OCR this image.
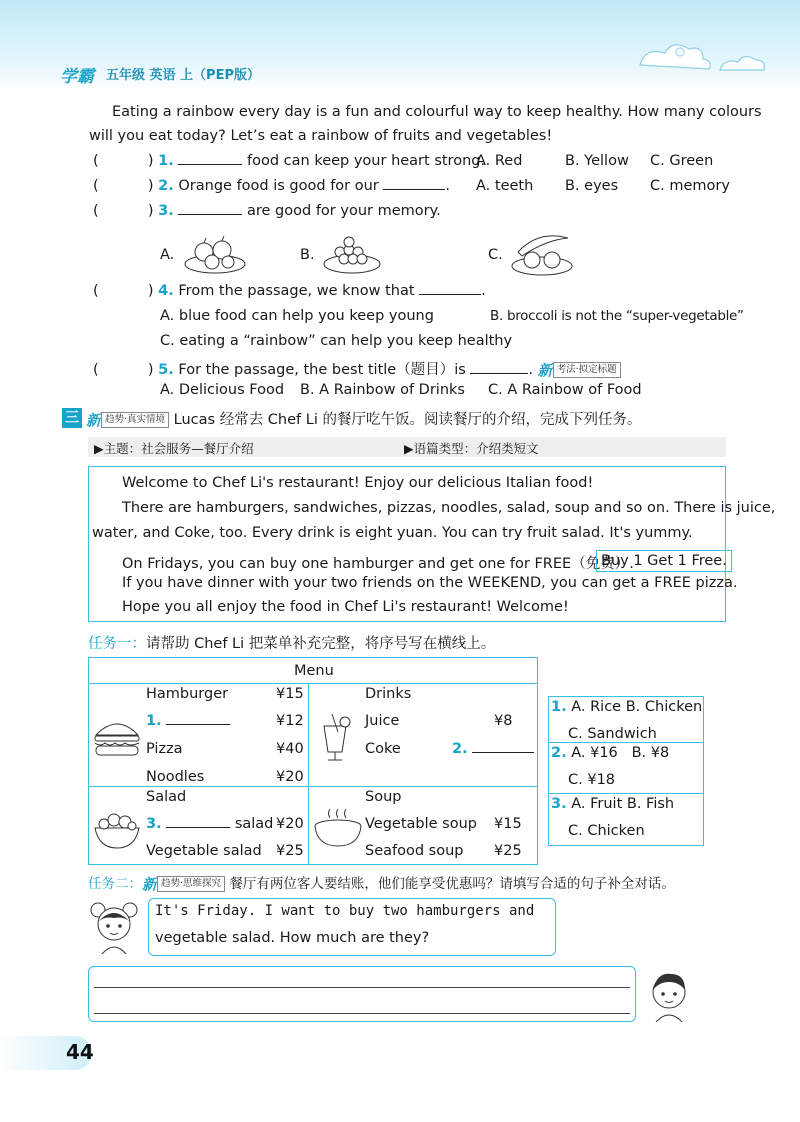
学霸 五年级 英语 上（PEP版）
Eating a rainbow every day is a fun and colourful way to keep healthy. How many colours
will you eat today? Let’s eat a rainbow of fruits and vegetables!
(	) 1.	food can keep your heart strong.
A. Red	B. Yellow C. Green
(	) 2. Orange food is good for our	. A. teeth B. eyes C. memory
(	) 3.	are good for your memory.
A.	B.	C.
(	) 4. From the passage, we know that	.
A. blue food can help you keep young	B. broccoli is not the “super-vegetable”
C. eating a “rainbow” can help you keep healthy
(	) 5. For the passage, the best title（题目）is	. 新 考法·拟定标题
A. Delicious Food B. A Rainbow of Drinks C. A Rainbow of Food
三 新 趋势·真实情境 Lucas 经常去 Chef Li 的餐厅吃午饭。阅读餐厅的介绍，完成下列任务。
▶主题：社会服务—餐厅介绍	▶语篇类型：介绍类短文
Welcome to Chef Li's restaurant! Enjoy our delicious Italian food!
There are hamburgers, sandwiches, pizzas, noodles, salad, soup and so on. There is juice,
water, and Coke, too. Every drink is eight yuan. You can try fruit salad. It's yummy.
On Fridays, you can buy one hamburger and get one for FREE（免费）.
Buy 1 Get 1 Free.
If you have dinner with your two friends on the WEEKEND, you can get a FREE pizza.
Hope you all enjoy the food in Chef Li's restaurant! Welcome!
任务一：请帮助 Chef Li 把菜单补充完整，将序号写在横线上。
Menu
Hamburger	¥15
1.	¥12
Pizza	¥40
Noodles	¥20
Drinks
Juice	¥8
Coke	2.
Salad
3.	salad ¥20
Vegetable salad ¥25
Soup
Vegetable soup ¥15
Seafood soup ¥25
1. A. Rice B. Chicken
C. Sandwich
2. A. ¥16 B. ¥8
C. ¥18
3. A. Fruit B. Fish
C. Chicken
任务二：新 趋势·思维探究 餐厅有两位客人要结账，他们能享受优惠吗？请填写合适的句子补全对话。
It's Friday. I want to buy two hamburgers and
vegetable salad. How much are they?
44
